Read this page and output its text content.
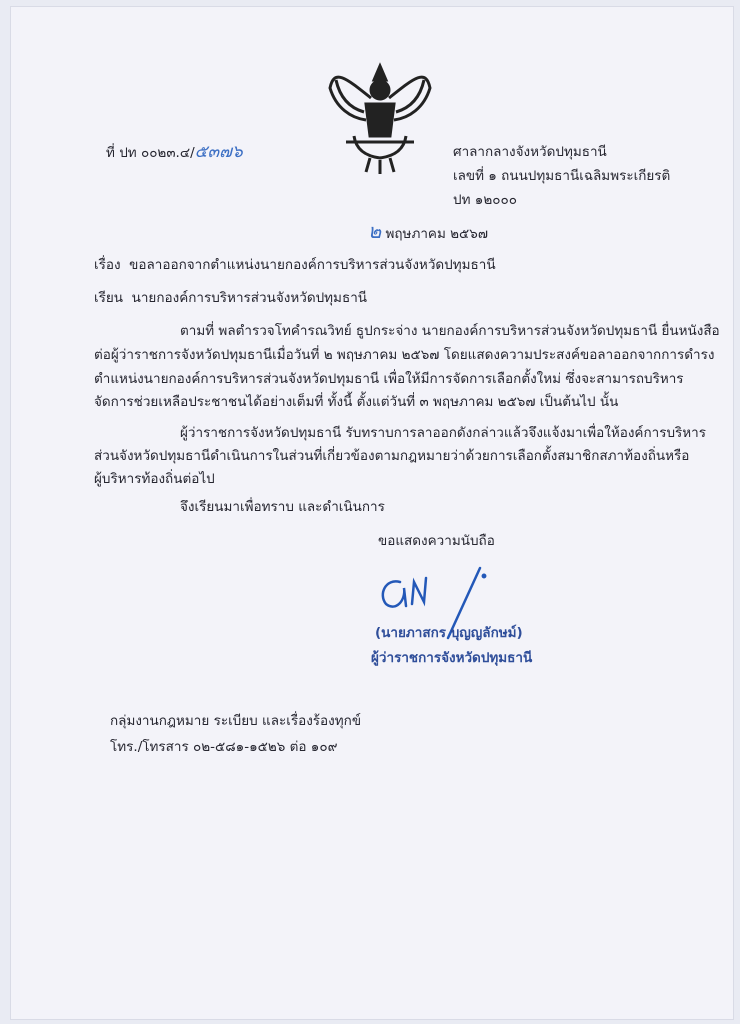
ที่ ปท ๐๐๒๓.๔/๕๓๗๖	ศาลากลางจังหวัดปทุมธานี
เลขที่ ๑ ถนนปทุมธานีเฉลิมพระเกียรติ
ปท ๑๒๐๐๐
๒ พฤษภาคม ๒๕๖๗
เรื่อง ขอลาออกจากตำแหน่งนายกองค์การบริหารส่วนจังหวัดปทุมธานี
เรียน นายกองค์การบริหารส่วนจังหวัดปทุมธานี
ตามที่ พลตำรวจโทคำรณวิทย์ ธูปกระจ่าง นายกองค์การบริหารส่วนจังหวัดปทุมธานี ยื่นหนังสือ
ต่อผู้ว่าราชการจังหวัดปทุมธานีเมื่อวันที่ ๒ พฤษภาคม ๒๕๖๗ โดยแสดงความประสงค์ขอลาออกจากการดำรง
ตำแหน่งนายกองค์การบริหารส่วนจังหวัดปทุมธานี เพื่อให้มีการจัดการเลือกตั้งใหม่ ซึ่งจะสามารถบริหาร
จัดการช่วยเหลือประชาชนได้อย่างเต็มที่ ทั้งนี้ ตั้งแต่วันที่ ๓ พฤษภาคม ๒๕๖๗ เป็นต้นไป นั้น
ผู้ว่าราชการจังหวัดปทุมธานี รับทราบการลาออกดังกล่าวแล้วจึงแจ้งมาเพื่อให้องค์การบริหาร
ส่วนจังหวัดปทุมธานีดำเนินการในส่วนที่เกี่ยวข้องตามกฎหมายว่าด้วยการเลือกตั้งสมาชิกสภาท้องถิ่นหรือ
ผู้บริหารท้องถิ่นต่อไป
จึงเรียนมาเพื่อทราบ และดำเนินการ
ขอแสดงความนับถือ
(นายภาสกร บุญญลักษม์)
ผู้ว่าราชการจังหวัดปทุมธานี
กลุ่มงานกฎหมาย ระเบียบ และเรื่องร้องทุกข์
โทร./โทรสาร ๐๒-๕๘๑-๑๕๒๖ ต่อ ๑๐๙
